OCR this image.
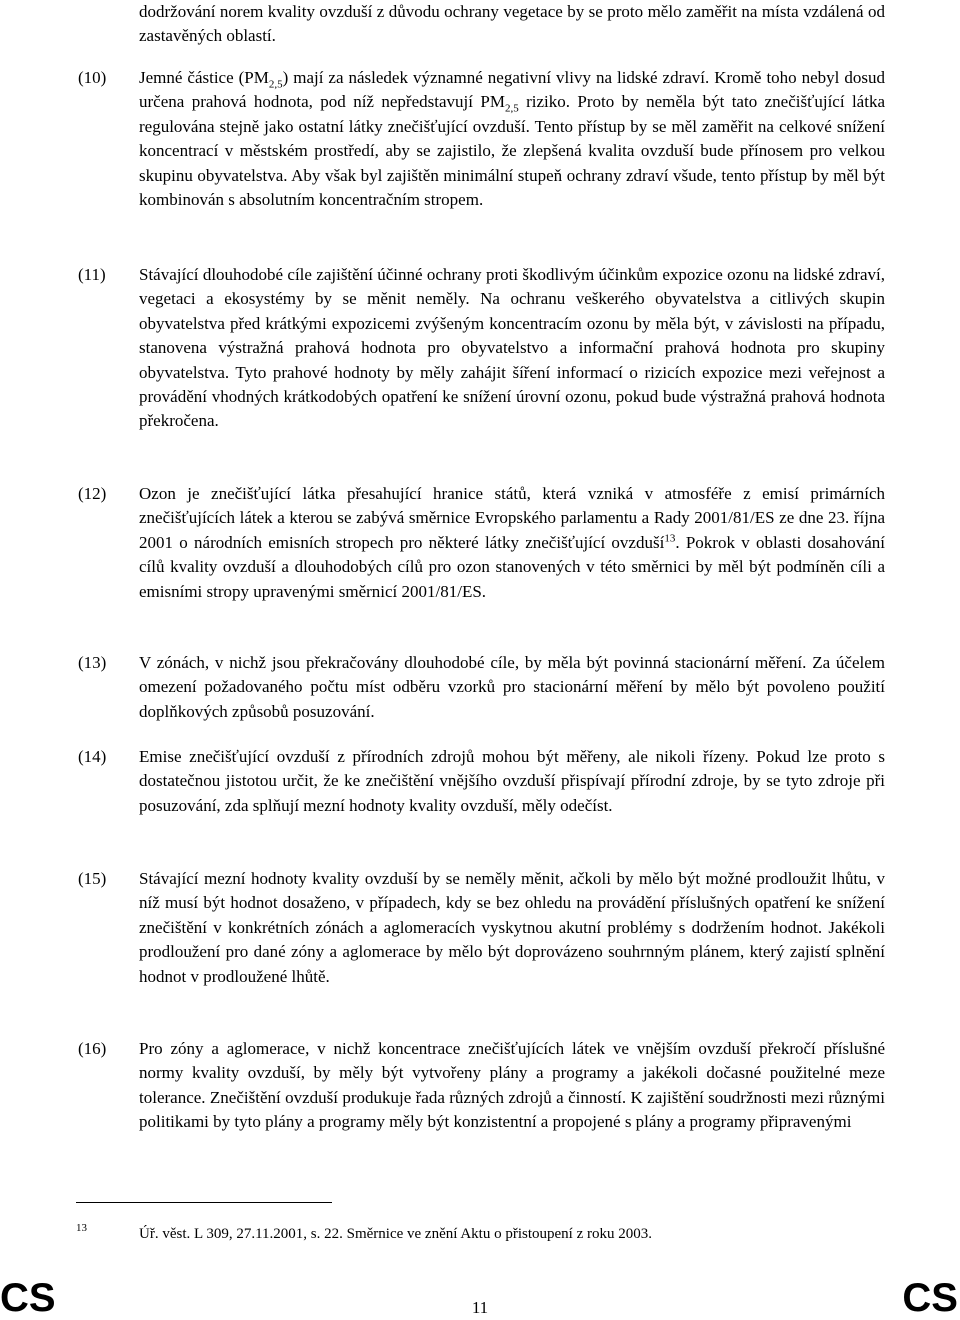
dodržování norem kvality ovzduší z důvodu ochrany vegetace by se proto mělo zaměřit na místa vzdálená od zastavěných oblastí.
(10) Jemné částice $(PM_{2,5})$ mají za následek významné negativní vlivy na lidské zdraví. Kromě toho nebyl dosud určena prahová hodnota, pod níž nepředstavují $PM_{2,5}$ riziko. Proto by neměla být tato znečišťující látka regulována stejně jako ostatní látky znečišťující ovzduší. Tento přístup by se měl zaměřit na celkové snížení koncentrací v městském prostředí, aby se zajistilo, že zlepšená kvalita ovzduší bude přínosem pro velkou skupinu obyvatelstva. Aby však byl zajištěn minimální stupeň ochrany zdraví všude, tento přístup by měl být kombinován s absolutním koncentračním stropem.
(11) Stávající dlouhodobé cíle zajištění účinné ochrany proti škodlivým účinkům expozice ozonu na lidské zdraví, vegetaci a ekosystémy by se měnit neměly. Na ochranu veškerého obyvatelstva a citlivých skupin obyvatelstva před krátkými expozicemi zvýšeným koncentracím ozonu by měla být, v závislosti na případu, stanovena výstražná prahová hodnota pro obyvatelstvo a informační prahová hodnota pro skupiny obyvatelstva. Tyto prahové hodnoty by měly zahájit šíření informací o rizicích expozice mezi veřejnost a provádění vhodných krátkodobých opatření ke snížení úrovní ozonu, pokud bude výstražná prahová hodnota překročena.
(12) Ozon je znečišťující látka přesahující hranice států, která vzniká v atmosféře z emisí primárních znečišťujících látek a kterou se zabývá směrnice Evropského parlamentu a Rady 2001/81/ES ze dne 23. října 2001 o národních emisních stropech pro některé látky znečišťující ovzduší$^{13}$. Pokrok v oblasti dosahování cílů kvality ovzduší a dlouhodobých cílů pro ozon stanovených v této směrnici by měl být podmíněn cíli a emisními stropy upravenými směrnicí 2001/81/ES.
(13) V zónách, v nichž jsou překračovány dlouhodobé cíle, by měla být povinná stacionární měření. Za účelem omezení požadovaného počtu míst odběru vzorků pro stacionární měření by mělo být povoleno použití doplňkových způsobů posuzování.
(14) Emise znečišťující ovzduší z přírodních zdrojů mohou být měřeny, ale nikoli řízeny. Pokud lze proto s dostatečnou jistotou určit, že ke znečištění vnějšího ovzduší přispívají přírodní zdroje, by se tyto zdroje při posuzování, zda splňují mezní hodnoty kvality ovzduší, měly odečíst.
(15) Stávající mezní hodnoty kvality ovzduší by se neměly měnit, ačkoli by mělo být možné prodloužit lhůtu, v níž musí být hodnot dosaženo, v případech, kdy se bez ohledu na provádění příslušných opatření ke snížení znečištění v konkrétních zónách a aglomeracích vyskytnou akutní problémy s dodržením hodnot. Jakékoli prodloužení pro dané zóny a aglomerace by mělo být doprovázeno souhrnným plánem, který zajistí splnění hodnot v prodloužené lhůtě.
(16) Pro zóny a aglomerace, v nichž koncentrace znečišťujících látek ve vnějším ovzduší překročí příslušné normy kvality ovzduší, by měly být vytvořeny plány a programy a jakékoli dočasné použitelné meze tolerance. Znečištění ovzduší produkuje řada různých zdrojů a činností. K zajištění soudržnosti mezi různými politikami by tyto plány a programy měly být konzistentní a propojené s plány a programy připravenými
13	Úř. věst. L 309, 27.11.2001, s. 22. Směrnice ve znění Aktu o přistoupení z roku 2003.
CS	11	CS
